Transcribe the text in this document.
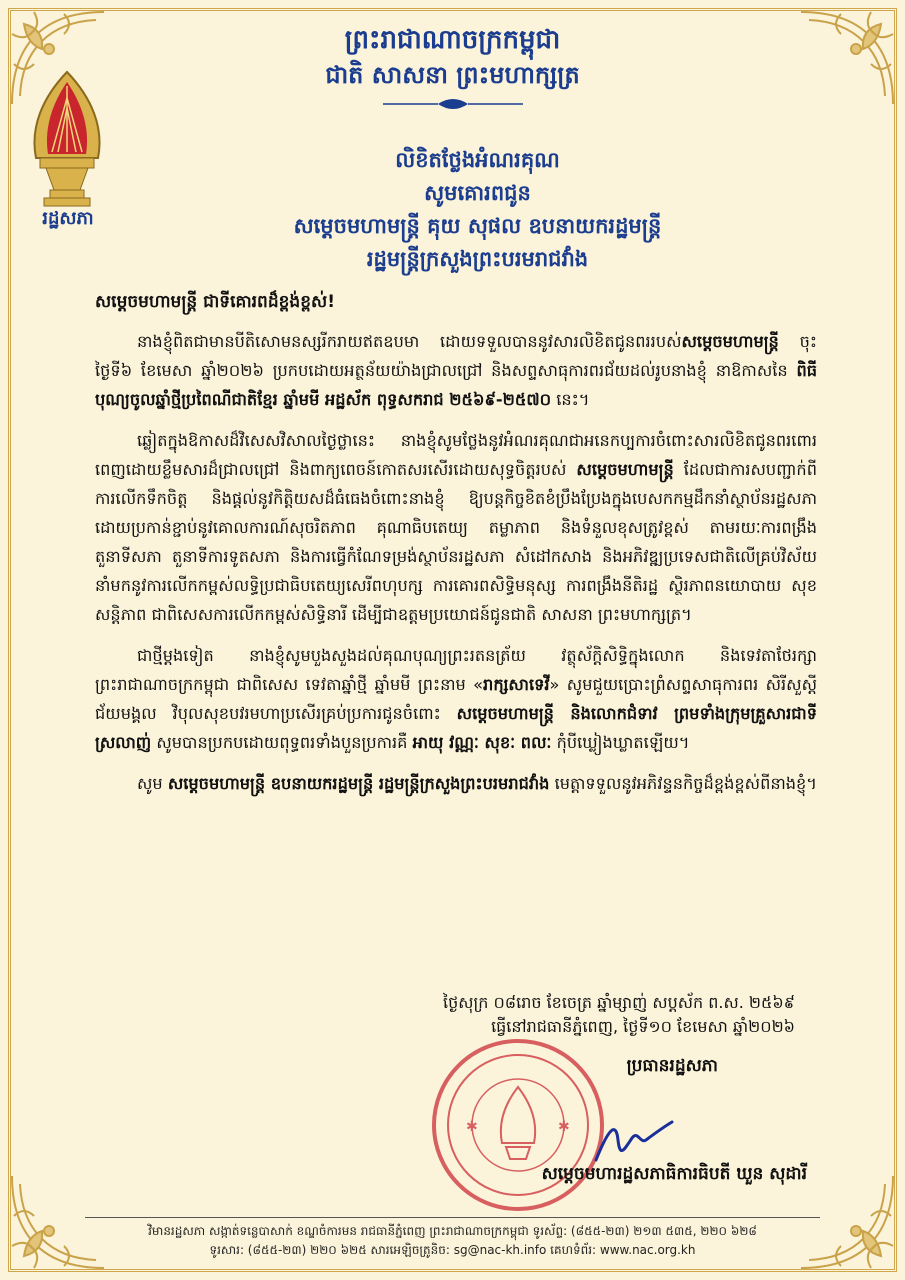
រដ្ឋសភា
ព្រះរាជាណាចក្រកម្ពុជា
ជាតិ សាសនា ព្រះមហាក្សត្រ
លិខិតថ្លែងអំណរគុណ
សូមគោរពជូន
សម្ដេចមហាមន្ត្រី គុយ សុផល ឧបនាយករដ្ឋមន្ត្រី
រដ្ឋមន្ត្រីក្រសួងព្រះបរមរាជវាំង
សម្ដេចមហាមន្ត្រី ជាទីគោរពដ៏ខ្ពង់ខ្ពស់!

នាងខ្ញុំពិតជាមានបីតិសោមនស្សរីករាយឥតឧបមា ដោយទទួលបាននូវសារលិខិតជូនពររបស់សម្ដេចមហាមន្ត្រី ចុះថ្ងៃទី៦ ខែមេសា ឆ្នាំ២០២៦ ប្រកបដោយអត្ថន័យយ៉ាងជ្រាលជ្រៅ និងសព្ទសាធុការពរជ័យដល់រូបនាងខ្ញុំ នាឱកាសនៃ ពិធីបុណ្យចូលឆ្នាំថ្មីប្រពៃណីជាតិខ្មែរ ឆ្នាំមមី អដ្ឋស័ក ពុទ្ធសករាជ ២៥៦៩-២៥៧០ នេះ។

ឆ្លៀតក្នុងឱកាសដ៏វិសេសវិសាលថ្ងៃថ្លានេះ នាងខ្ញុំសូមថ្លែងនូវអំណរគុណជាអនេកប្បការចំពោះសារលិខិតជូនពរពោរពេញដោយខ្លឹមសារដ៏ជ្រាលជ្រៅ និងពាក្យពេចន៍កោតសរសើរដោយសុទ្ធចិត្តរបស់ សម្ដេចមហាមន្ត្រី ដែលជាការសបញ្ជាក់ពីការលើកទឹកចិត្ត និងផ្ដល់នូវកិត្តិយសដ៏ធំធេងចំពោះនាងខ្ញុំ ឱ្យបន្តកិច្ចខិតខំប្រឹងប្រែងក្នុងបេសកកម្មដឹកនាំស្ថាប័នរដ្ឋសភា ដោយប្រកាន់ខ្ជាប់នូវគោលការណ៍សុចរិតភាព គុណាធិបតេយ្យ តម្លាភាព និងទំនួលខុសត្រូវខ្ពស់ តាមរយៈការពង្រឹងតួនាទីសភា តួនាទីការទូតសភា និងការធ្វើកំណែទម្រង់ស្ថាប័នរដ្ឋសភា សំដៅកសាង និងអភិវឌ្ឍប្រទេសជាតិលើគ្រប់វិស័យ នាំមកនូវការលើកកម្ពស់លទ្ធិប្រជាធិបតេយ្យសេរីពហុបក្ស ការគោរពសិទ្ធិមនុស្ស ការពង្រឹងនីតិរដ្ឋ ស្ថិរភាពនយោបាយ សុខសន្តិភាព ជាពិសេសការលើកកម្ពស់សិទ្ធិនារី ដើម្បីជាឧត្តមប្រយោជន៍ជូនជាតិ សាសនា ព្រះមហាក្សត្រ។

ជាថ្មីម្ដងទៀត នាងខ្ញុំសូមបួងសួងដល់គុណបុណ្យព្រះរតនត្រ័យ វត្ថុស័ក្តិសិទ្ធិក្នុងលោក និងទេវតាថែរក្សាព្រះរាជាណាចក្រកម្ពុជា ជាពិសេស ទេវតាឆ្នាំថ្មី ឆ្នាំមមី ព្រះនាម «រាក្សសាទេវី» សូមជួយប្រោះព្រំសព្ទសាធុការពរ សិរីសួស្ដី ជ័យមង្គល វិបុលសុខបវរមហាប្រសើរគ្រប់ប្រការជូនចំពោះ សម្ដេចមហាមន្ត្រី និងលោកជំទាវ ព្រមទាំងក្រុមគ្រួសារជាទីស្រលាញ់ សូមបានប្រកបដោយពុទ្ធពរទាំងបួនប្រការគឺ អាយុ វណ្ណៈ សុខៈ ពលៈ កុំបីឃ្លៀងឃ្លាតឡើយ។

សូម សម្ដេចមហាមន្ត្រី ឧបនាយករដ្ឋមន្ត្រី រដ្ឋមន្ត្រីក្រសួងព្រះបរមរាជវាំង មេត្តាទទួលនូវអភិវន្ទនកិច្ចដ៏ខ្ពង់ខ្ពស់ពីនាងខ្ញុំ។

ថ្ងៃសុក្រ ០៨រោច ខែចេត្រ ឆ្នាំម្សាញ់ សប្តស័ក ព.ស. ២៥៦៩
ធ្វើនៅរាជធានីភ្នំពេញ, ថ្ងៃទី១០ ខែមេសា ឆ្នាំ២០២៦
✱	✱
ប្រធានរដ្ឋសភា
សម្ដេចមហារដ្ឋសភាធិការធិបតី ឃួន សុដារី
វិមានរដ្ឋសភា សង្កាត់ទន្លេបាសាក់ ខណ្ឌចំការមន រាជធានីភ្នំពេញ ព្រះរាជាណាចក្រកម្ពុជា ទូរស័ព្ទ: (៨៥៥-២៣) ២១៣ ៥៣៥, ២២០ ៦២៨
ទូរសារ: (៨៥៥-២៣) ២២០ ៦២៥ សារអេឡិចត្រូនិច: sg@nac-kh.info គេហទំព័រ: www.nac.org.kh
